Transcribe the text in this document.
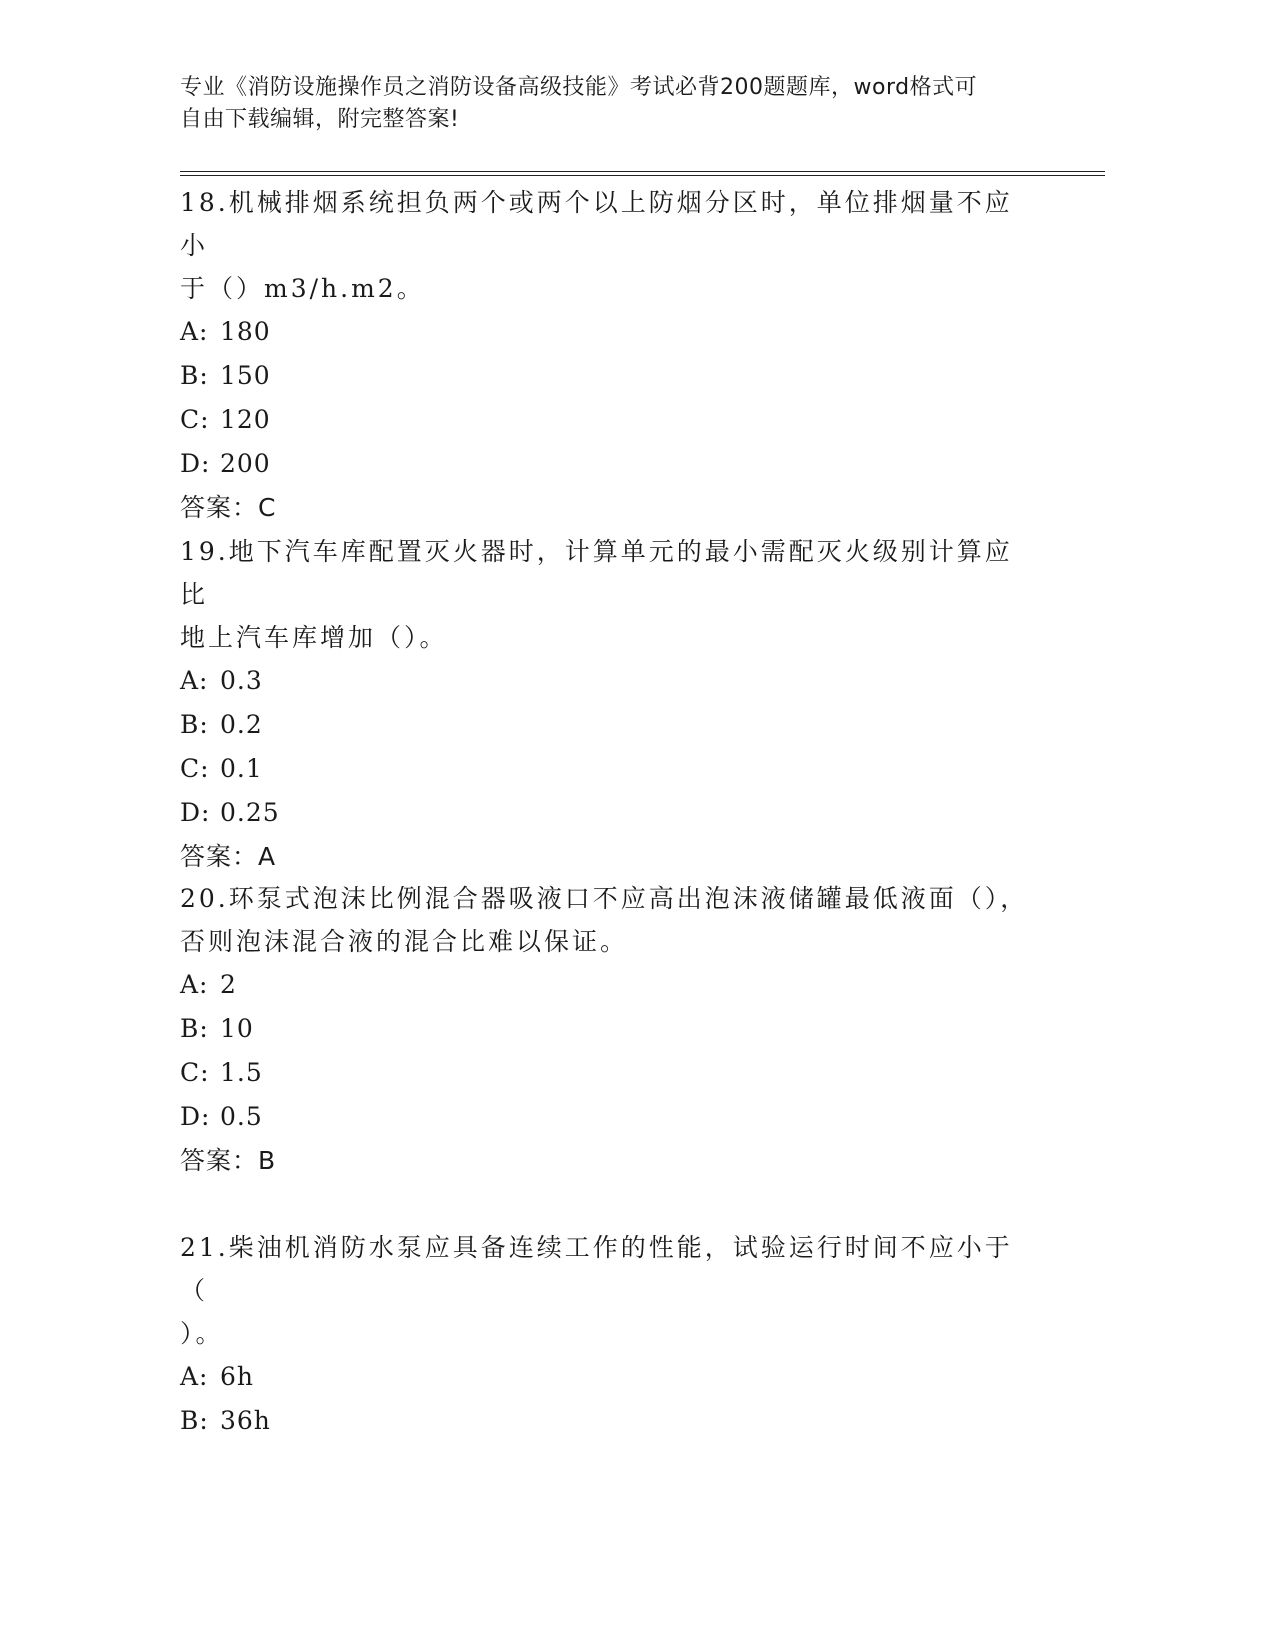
专业《消防设施操作员之消防设备高级技能》考试必背200题题库，word格式可
自由下载编辑，附完整答案!
18.机械排烟系统担负两个或两个以上防烟分区时，单位排烟量不应小
于（）m3/h.m2。
A: 180
B: 150
C: 120
D: 200
答案：C
19.地下汽车库配置灭火器时，计算单元的最小需配灭火级别计算应比
地上汽车库增加（）。
A: 0.3
B: 0.2
C: 0.1
D: 0.25
答案：A
20.环泵式泡沫比例混合器吸液口不应高出泡沫液储罐最低液面（），
否则泡沫混合液的混合比难以保证。
A: 2
B: 10
C: 1.5
D: 0.5
答案：B
21.柴油机消防水泵应具备连续工作的性能，试验运行时间不应小于（
）。
A: 6h
B: 36h
